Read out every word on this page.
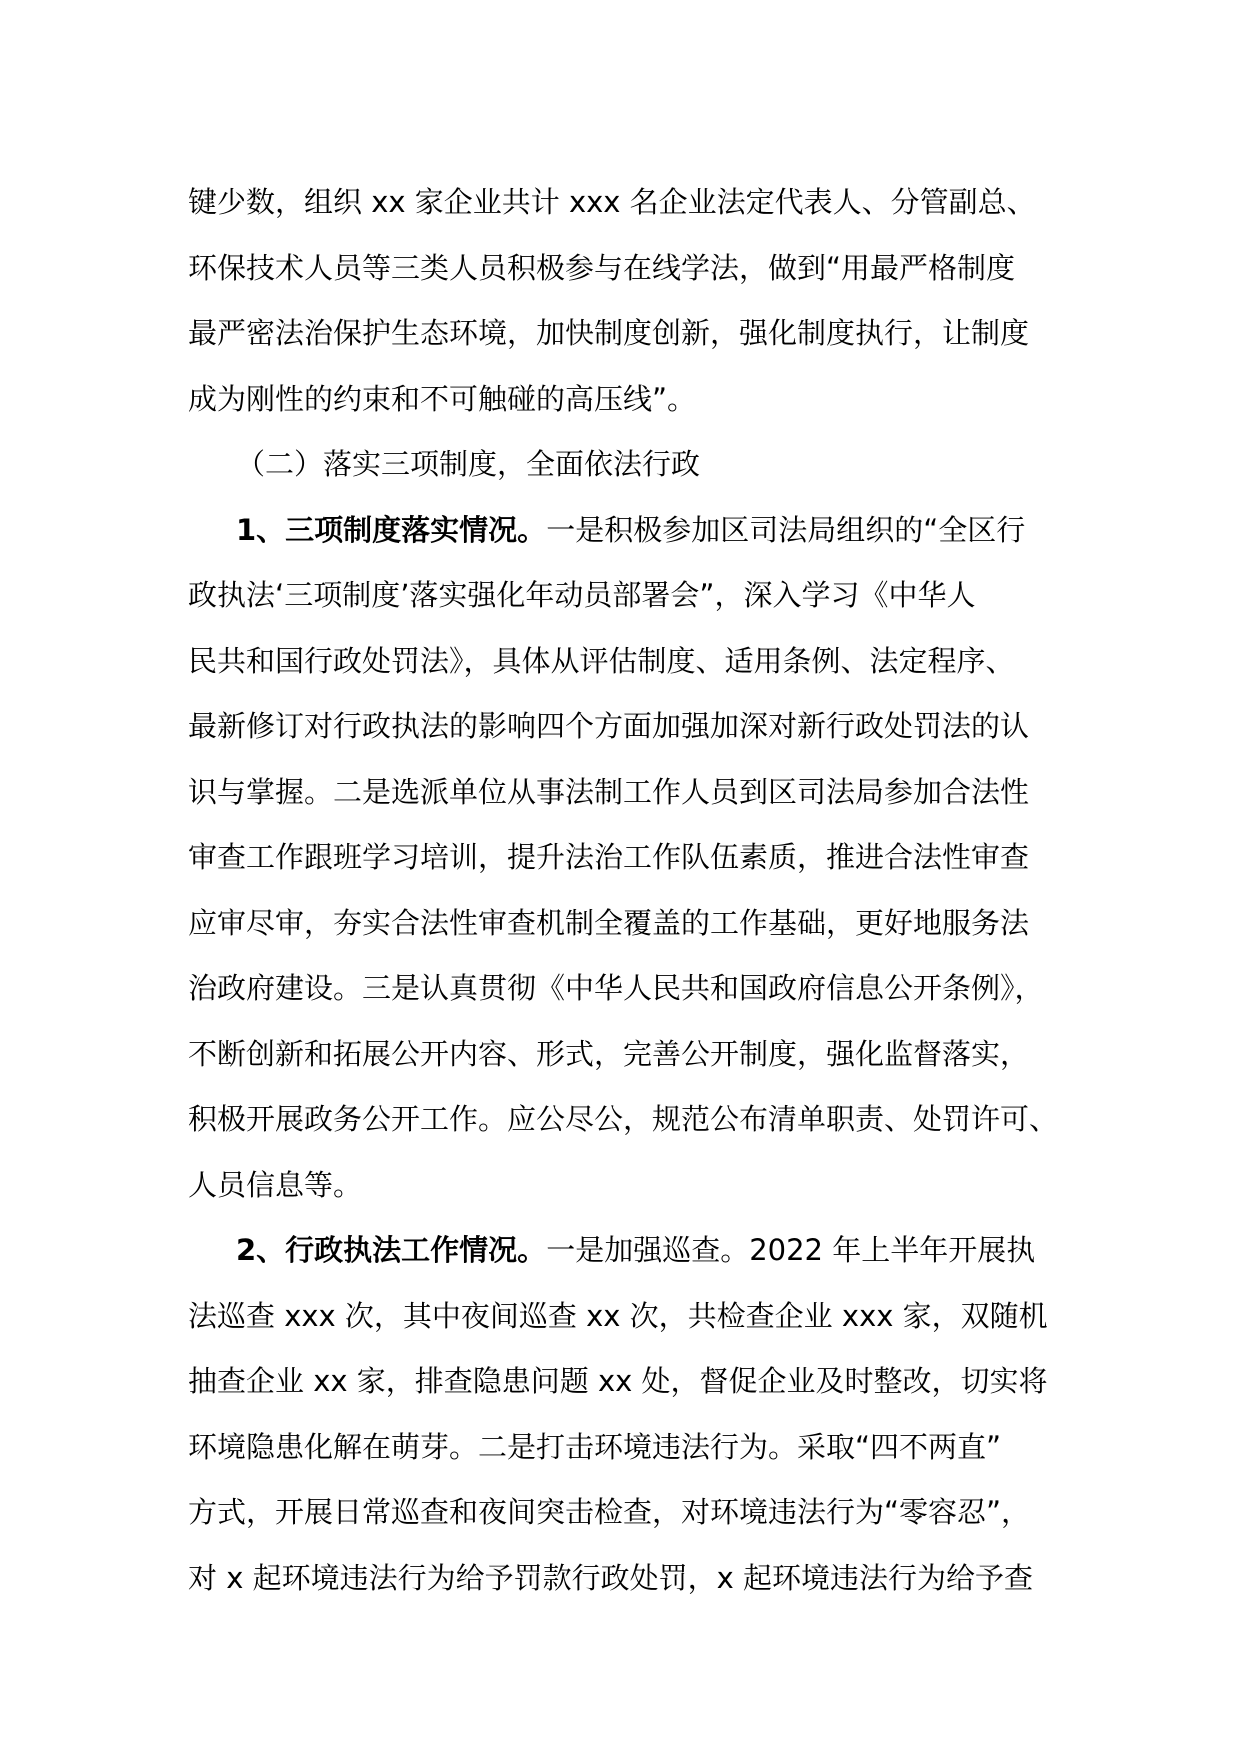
键少数，组织 xx 家企业共计 xxx 名企业法定代表人、分管副总、
环保技术人员等三类人员积极参与在线学法，做到“用最严格制度
最严密法治保护生态环境，加快制度创新，强化制度执行，让制度
成为刚性的约束和不可触碰的高压线”。
（二）落实三项制度，全面依法行政
1、三项制度落实情况。一是积极参加区司法局组织的“全区行
政执法‘三项制度’落实强化年动员部署会”，深入学习《中华人
民共和国行政处罚法》，具体从评估制度、适用条例、法定程序、
最新修订对行政执法的影响四个方面加强加深对新行政处罚法的认
识与掌握。二是选派单位从事法制工作人员到区司法局参加合法性
审查工作跟班学习培训，提升法治工作队伍素质，推进合法性审查
应审尽审，夯实合法性审查机制全覆盖的工作基础，更好地服务法
治政府建设。三是认真贯彻《中华人民共和国政府信息公开条例》，
不断创新和拓展公开内容、形式，完善公开制度，强化监督落实，
积极开展政务公开工作。应公尽公，规范公布清单职责、处罚许可、
人员信息等。
2、行政执法工作情况。一是加强巡查。2022 年上半年开展执
法巡查 xxx 次，其中夜间巡查 xx 次，共检查企业 xxx 家，双随机
抽查企业 xx 家，排查隐患问题 xx 处，督促企业及时整改，切实将
环境隐患化解在萌芽。二是打击环境违法行为。采取“四不两直”
方式，开展日常巡查和夜间突击检查，对环境违法行为“零容忍”，
对 x 起环境违法行为给予罚款行政处罚，x 起环境违法行为给予查
